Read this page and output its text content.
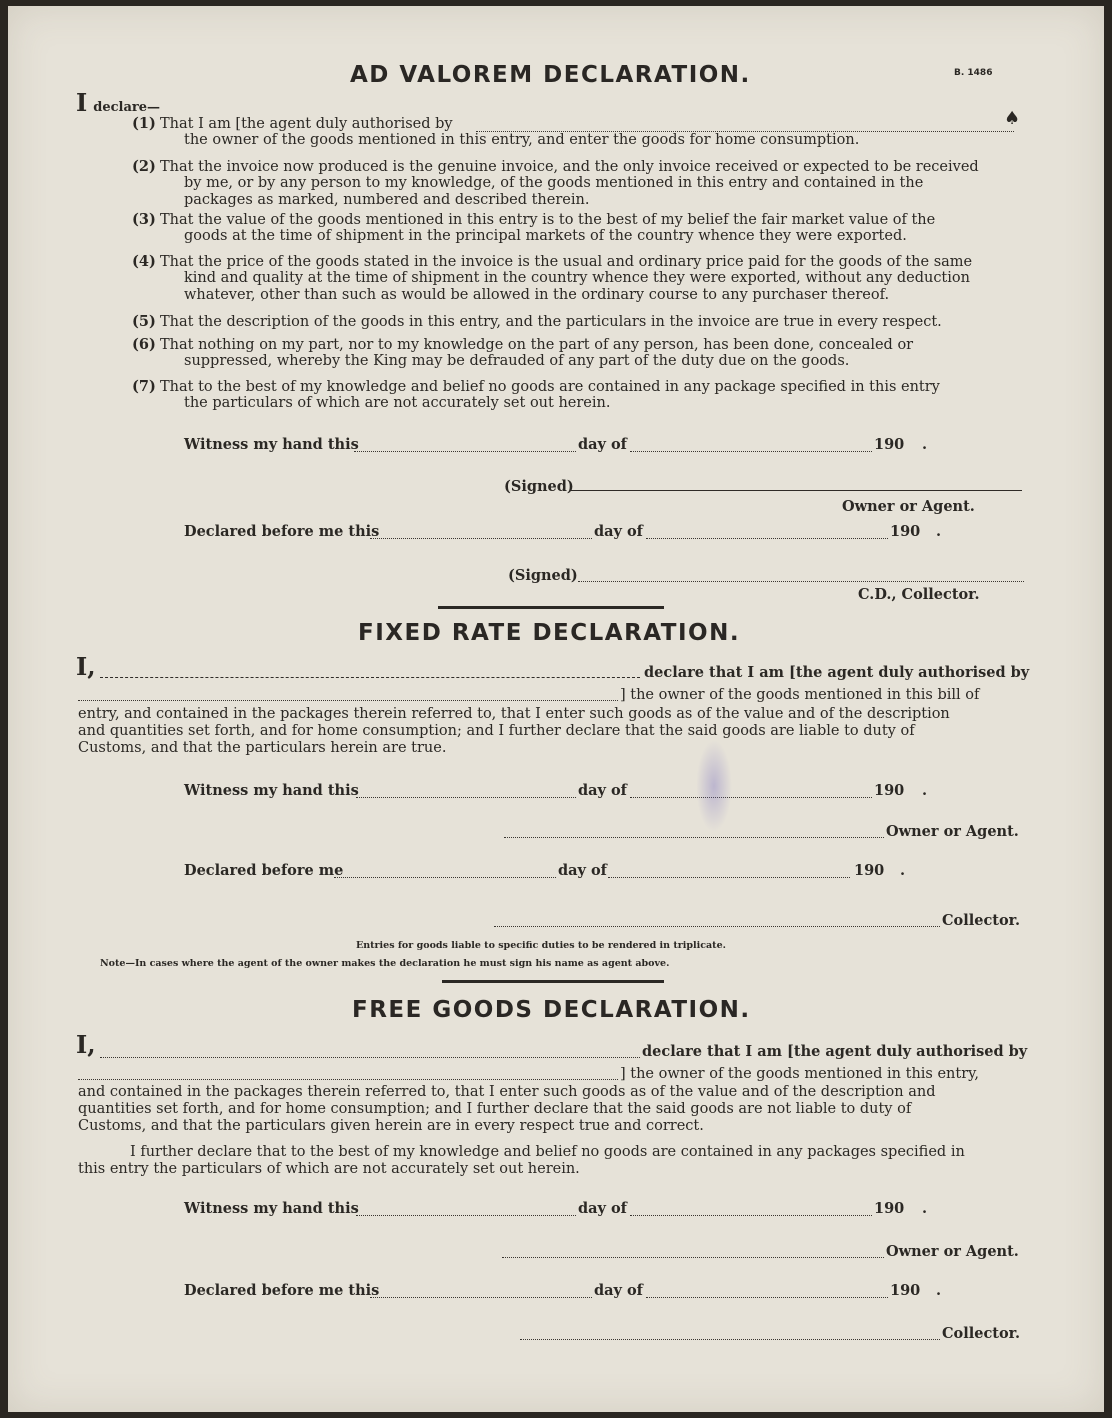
AD VALOREM DECLARATION.	B. 1486
Ideclare—
(1) That I am [the agent duly authorised by
the owner of the goods mentioned in this entry, and enter the goods for home consumption.
(2) That the invoice now produced is the genuine invoice, and the only invoice received or expected to be received
by me, or by any person to my knowledge, of the goods mentioned in this entry and contained in the
packages as marked, numbered and described therein.
(3) That the value of the goods mentioned in this entry is to the best of my belief the fair market value of the
goods at the time of shipment in the principal markets of the country whence they were exported.
(4) That the price of the goods stated in the invoice is the usual and ordinary price paid for the goods of the same
kind and quality at the time of shipment in the country whence they were exported, without any deduction
whatever, other than such as would be allowed in the ordinary course to any purchaser thereof.
(5) That the description of the goods in this entry, and the particulars in the invoice are true in every respect.
(6) That nothing on my part, nor to my knowledge on the part of any person, has been done, concealed or
suppressed, whereby the King may be defrauded of any part of the duty due on the goods.
(7) That to the best of my knowledge and belief no goods are contained in any package specified in this entry
the particulars of which are not accurately set out herein.
♠
Witness my hand this	day of	190 .
(Signed)
Owner or Agent.
Declared before me this	day of	190 .
(Signed)
C.D., Collector.
FIXED RATE DECLARATION.
I,	declare that I am [the agent duly authorised by
] the owner of the goods mentioned in this bill of
entry, and contained in the packages therein referred to, that I enter such goods as of the value and of the description
and quantities set forth, and for home consumption; and I further declare that the said goods are liable to duty of
Customs, and that the particulars herein are true.
Witness my hand this	day of	190 .
Owner or Agent.
Declared before me	day of	190 .
Collector.
Entries for goods liable to specific duties to be rendered in triplicate.
Note—In cases where the agent of the owner makes the declaration he must sign his name as agent above.
FREE GOODS DECLARATION.
I,	declare that I am [the agent duly authorised by
] the owner of the goods mentioned in this entry,
and contained in the packages therein referred to, that I enter such goods as of the value and of the description and
quantities set forth, and for home consumption; and I further declare that the said goods are not liable to duty of
Customs, and that the particulars given herein are in every respect true and correct.
I further declare that to the best of my knowledge and belief no goods are contained in any packages specified in
this entry the particulars of which are not accurately set out herein.
Witness my hand this	day of	190 .
Owner or Agent.
Declared before me this	day of	190 .
Collector.
